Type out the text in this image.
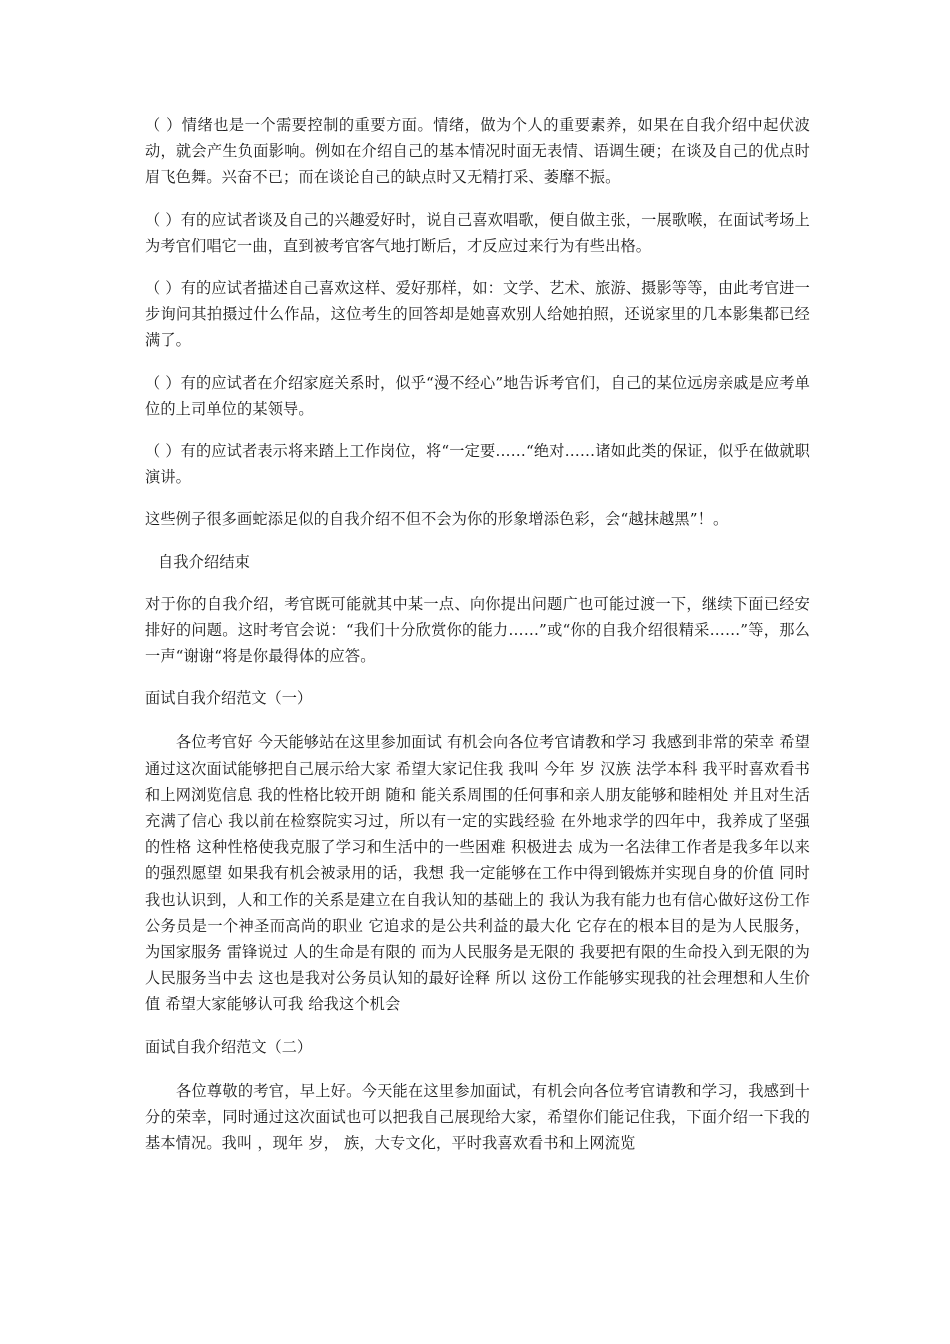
（ ）情绪也是一个需要控制的重要方面。情绪，做为个人的重要素养，如果在自我介绍中起伏波动，就会产生负面影响。例如在介绍自己的基本情况时面无表情、语调生硬；在谈及自己的优点时眉飞色舞。兴奋不已；而在谈论自己的缺点时又无精打采、萎靡不振。

（ ）有的应试者谈及自己的兴趣爱好时，说自己喜欢唱歌，便自做主张，一展歌喉，在面试考场上为考官们唱它一曲，直到被考官客气地打断后，才反应过来行为有些出格。

（ ）有的应试者描述自己喜欢这样、爱好那样，如：文学、艺术、旅游、摄影等等，由此考官进一步询问其拍摄过什么作品，这位考生的回答却是她喜欢别人给她拍照，还说家里的几本影集都已经满了。

（ ）有的应试者在介绍家庭关系时，似乎“漫不经心”地告诉考官们，自己的某位远房亲戚是应考单位的上司单位的某领导。

（ ）有的应试者表示将来踏上工作岗位，将“一定要……“绝对……诸如此类的保证，似乎在做就职演讲。

这些例子很多画蛇添足似的自我介绍不但不会为你的形象增添色彩，会“越抹越黑”！。

自我介绍结束

对于你的自我介绍，考官既可能就其中某一点、向你提出问题广也可能过渡一下，继续下面已经安排好的问题。这时考官会说：“我们十分欣赏你的能力……”或“你的自我介绍很精采……”等，那么一声“谢谢“将是你最得体的应答。

面试自我介绍范文（一）

各位考官好 今天能够站在这里参加面试 有机会向各位考官请教和学习 我感到非常的荣幸 希望通过这次面试能够把自己展示给大家 希望大家记住我 我叫 今年 岁 汉族 法学本科 我平时喜欢看书和上网浏览信息 我的性格比较开朗 随和 能关系周围的任何事和亲人朋友能够和睦相处 并且对生活充满了信心 我以前在检察院实习过，所以有一定的实践经验 在外地求学的四年中，我养成了坚强的性格 这种性格使我克服了学习和生活中的一些困难 积极进去 成为一名法律工作者是我多年以来的强烈愿望 如果我有机会被录用的话，我想 我一定能够在工作中得到锻炼并实现自身的价值 同时 我也认识到，人和工作的关系是建立在自我认知的基础上的 我认为我有能力也有信心做好这份工作 公务员是一个神圣而高尚的职业 它追求的是公共利益的最大化 它存在的根本目的是为人民服务，为国家服务 雷锋说过 人的生命是有限的 而为人民服务是无限的 我要把有限的生命投入到无限的为人民服务当中去 这也是我对公务员认知的最好诠释 所以 这份工作能够实现我的社会理想和人生价值 希望大家能够认可我 给我这个机会

面试自我介绍范文（二）

各位尊敬的考官，早上好。今天能在这里参加面试，有机会向各位考官请教和学习，我感到十分的荣幸，同时通过这次面试也可以把我自己展现给大家，希望你们能记住我，下面介绍一下我的基本情况。我叫 ，现年 岁， 族，大专文化，平时我喜欢看书和上网流览
